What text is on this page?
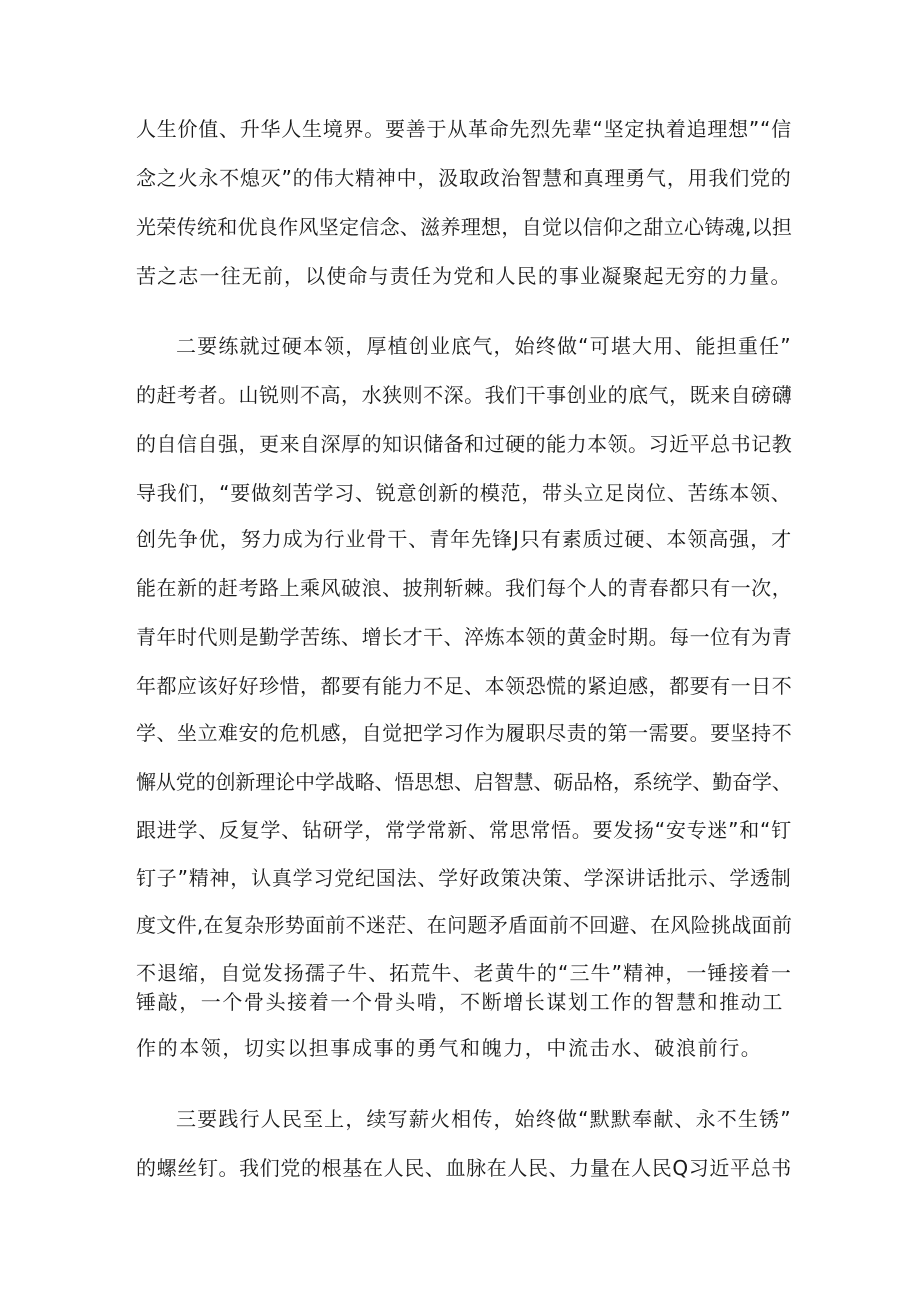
人生价值、升华人生境界。要善于从革命先烈先辈“坚定执着追理想”“信
念之火永不熄灭”的伟大精神中，汲取政治智慧和真理勇气，用我们党的
光荣传统和优良作风坚定信念、滋养理想，自觉以信仰之甜立心铸魂,以担
苦之志一往无前，以使命与责任为党和人民的事业凝聚起无穷的力量。
二要练就过硬本领，厚植创业底气，始终做“可堪大用、能担重任”
的赶考者。山锐则不高，水狭则不深。我们干事创业的底气，既来自磅礴
的自信自强，更来自深厚的知识储备和过硬的能力本领。习近平总书记教
导我们，“要做刻苦学习、锐意创新的模范，带头立足岗位、苦练本领、
创先争优，努力成为行业骨干、青年先锋J只有素质过硬、本领高强，才
能在新的赶考路上乘风破浪、披荆斩棘。我们每个人的青春都只有一次，
青年时代则是勤学苦练、增长才干、淬炼本领的黄金时期。每一位有为青
年都应该好好珍惜，都要有能力不足、本领恐慌的紧迫感，都要有一日不
学、坐立难安的危机感，自觉把学习作为履职尽责的第一需要。要坚持不
懈从党的创新理论中学战略、悟思想、启智慧、砺品格，系统学、勤奋学、
跟进学、反复学、钻研学，常学常新、常思常悟。要发扬“安专迷”和“钉
钉子”精神，认真学习党纪国法、学好政策决策、学深讲话批示、学透制
度文件,在复杂形势面前不迷茫、在问题矛盾面前不回避、在风险挑战面前
不退缩，自觉发扬孺子牛、拓荒牛、老黄牛的“三牛”精神，一锤接着一
锤敲，一个骨头接着一个骨头啃，不断增长谋划工作的智慧和推动工
作的本领，切实以担事成事的勇气和魄力，中流击水、破浪前行。
三要践行人民至上，续写薪火相传，始终做“默默奉献、永不生锈”
的螺丝钉。我们党的根基在人民、血脉在人民、力量在人民Q习近平总书
